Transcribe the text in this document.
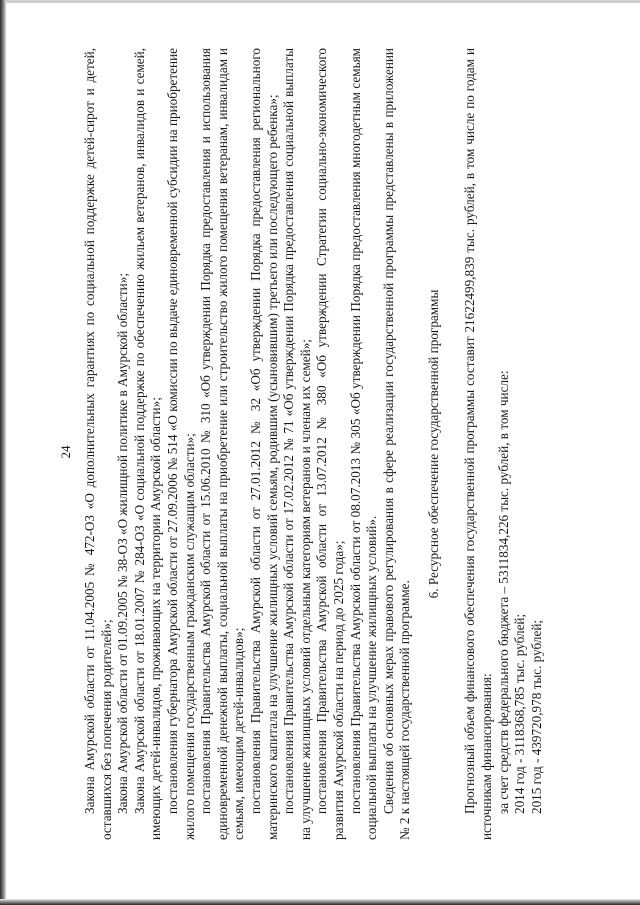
24 Закона Амурской области от 11.04.2005 № 472-ОЗ «О дополнительных гарантиях по социальной поддержке детей-сирот и детей, оставшихся без попечения родителей»; Закона Амурской области от 01.09.2005 № 38-ОЗ «О жилищной политике в Амурской области»; Закона Амурской области от 18.01.2007 № 284-ОЗ «О социальной поддержке по обеспечению жильем ветеранов, инвалидов и семей, имеющих детей-инвалидов, проживающих на территории Амурской области»; постановления губернатора Амурской области от 27.09.2006 № 514 «О комиссии по выдаче единовременной субсидии на приобретение жилого помещения государственным гражданским служащим области»; постановления Правительства Амурской области от 15.06.2010 № 310 «Об утверждении Порядка предоставления и использования единовременной денежной выплаты, социальной выплаты на приобретение или строительство жилого помещения ветеранам, инвалидам и семьям, имеющим детей-инвалидов»; постановления Правительства Амурской области от 27.01.2012 № 32 «Об утверждении Порядка предоставления регионального материнского капитала на улучшение жилищных условий семьям, родившим (усыновившим) третьего или последующего ребенка»; постановления Правительства Амурской области от 17.02.2012 № 71 «Об утверждении Порядка предоставления социальной выплаты на улучшение жилищных условий отдельным категориям ветеранов и членам их семей»; постановления Правительства Амурской области от 13.07.2012 № 380 «Об утверждении Стратегии социально-экономического развития Амурской области на период до 2025 года»; постановления Правительства Амурской области от 08.07.2013 № 305 «Об утверждении Порядка предоставления многодетным семьям социальной выплаты на улучшение жилищных условий». Сведения об основных мерах правового регулирования в сфере реализации государственной программы представлены в приложении № 2 к настоящей государственной программе.

6. Ресурсное обеспечение государственной программы Прогнозный объем финансового обеспечения государственной программы составит 21622499,839 тыс. рублей, в том числе по годам и источникам финансирования: за счет средств федерального бюджета – 5311834,226 тыс. рублей, в том числе: 2014 год - 3118368,785 тыс. рублей; 2015 год - 439720,978 тыс. рублей;
